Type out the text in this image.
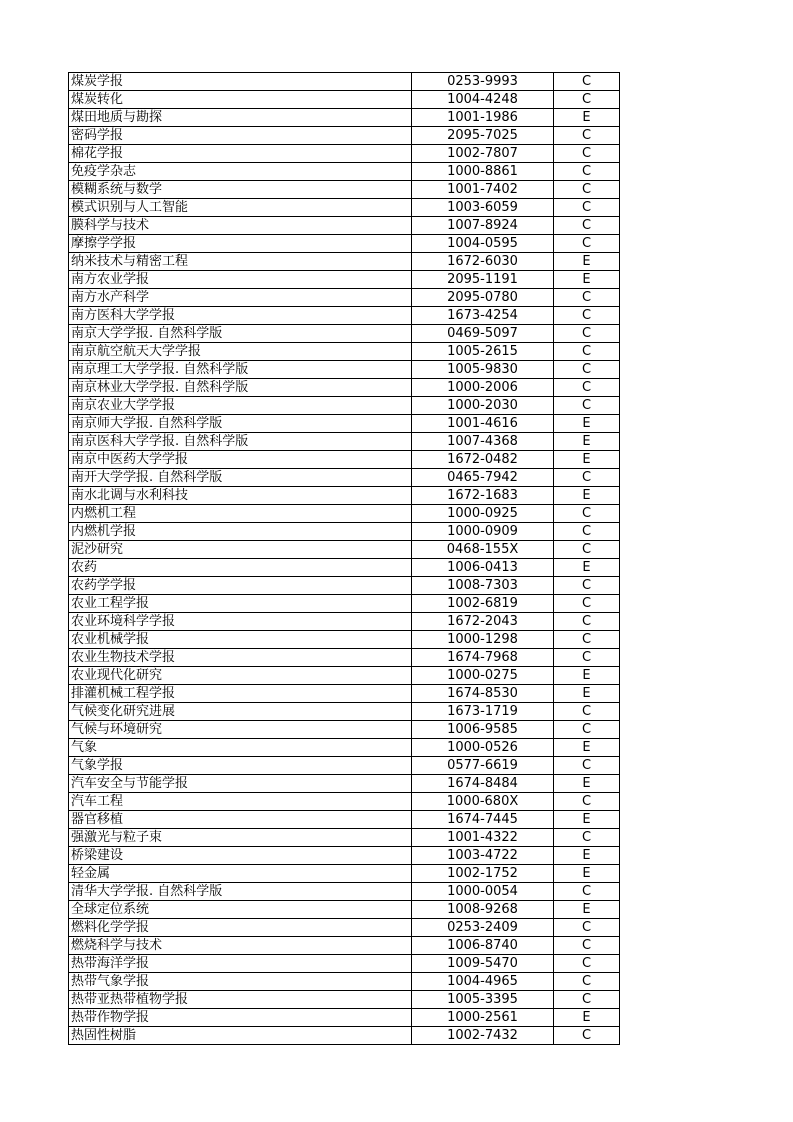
煤炭学报	0253-9993	C
煤炭转化	1004-4248	C
煤田地质与勘探	1001-1986	E
密码学报	2095-7025	C
棉花学报	1002-7807	C
免疫学杂志	1000-8861	C
模糊系统与数学	1001-7402	C
模式识别与人工智能	1003-6059	C
膜科学与技术	1007-8924	C
摩擦学学报	1004-0595	C
纳米技术与精密工程	1672-6030	E
南方农业学报	2095-1191	E
南方水产科学	2095-0780	C
南方医科大学学报	1673-4254	C
南京大学学报. 自然科学版	0469-5097	C
南京航空航天大学学报	1005-2615	C
南京理工大学学报. 自然科学版	1005-9830	C
南京林业大学学报. 自然科学版	1000-2006	C
南京农业大学学报	1000-2030	C
南京师大学报. 自然科学版	1001-4616	E
南京医科大学学报. 自然科学版	1007-4368	E
南京中医药大学学报	1672-0482	E
南开大学学报. 自然科学版	0465-7942	C
南水北调与水利科技	1672-1683	E
内燃机工程	1000-0925	C
内燃机学报	1000-0909	C
泥沙研究	0468-155X	C
农药	1006-0413	E
农药学学报	1008-7303	C
农业工程学报	1002-6819	C
农业环境科学学报	1672-2043	C
农业机械学报	1000-1298	C
农业生物技术学报	1674-7968	C
农业现代化研究	1000-0275	E
排灌机械工程学报	1674-8530	E
气候变化研究进展	1673-1719	C
气候与环境研究	1006-9585	C
气象	1000-0526	E
气象学报	0577-6619	C
汽车安全与节能学报	1674-8484	E
汽车工程	1000-680X	C
器官移植	1674-7445	E
强激光与粒子束	1001-4322	C
桥梁建设	1003-4722	E
轻金属	1002-1752	E
清华大学学报. 自然科学版	1000-0054	C
全球定位系统	1008-9268	E
燃料化学学报	0253-2409	C
燃烧科学与技术	1006-8740	C
热带海洋学报	1009-5470	C
热带气象学报	1004-4965	C
热带亚热带植物学报	1005-3395	C
热带作物学报	1000-2561	E
热固性树脂	1002-7432	C
